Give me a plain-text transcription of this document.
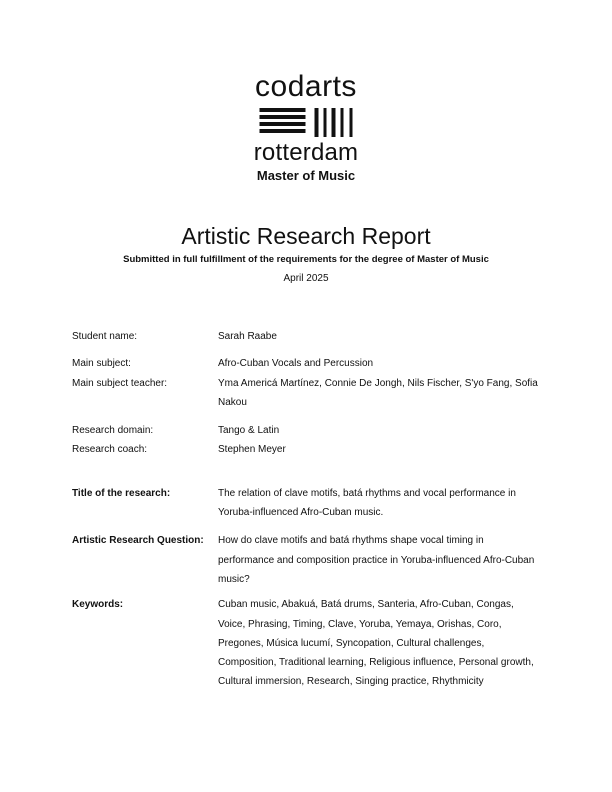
codarts
rotterdam
Master of Music
Artistic Research Report
Submitted in full fulfillment of the requirements for the degree of Master of Music
April 2025
Student name:	Sarah Raabe
Main subject:	Afro-Cuban Vocals and Percussion
Main subject teacher:	Yma Americá Martínez, Connie De Jongh, Nils Fischer, S'yo Fang, Sofia Nakou
Research domain:	Tango & Latin
Research coach:	Stephen Meyer
Title of the research:	The relation of clave motifs, batá rhythms and vocal performance in Yoruba-influenced Afro-Cuban music.
Artistic Research Question:	How do clave motifs and batá rhythms shape vocal timing in performance and composition practice in Yoruba-influenced Afro-Cuban music?
Keywords:	Cuban music, Abakuá, Batá drums, Santeria, Afro-Cuban, Congas, Voice, Phrasing, Timing, Clave, Yoruba, Yemaya, Orishas, Coro, Pregones, Música lucumí, Syncopation, Cultural challenges, Composition, Traditional learning, Religious influence, Personal growth, Cultural immersion, Research, Singing practice, Rhythmicity
